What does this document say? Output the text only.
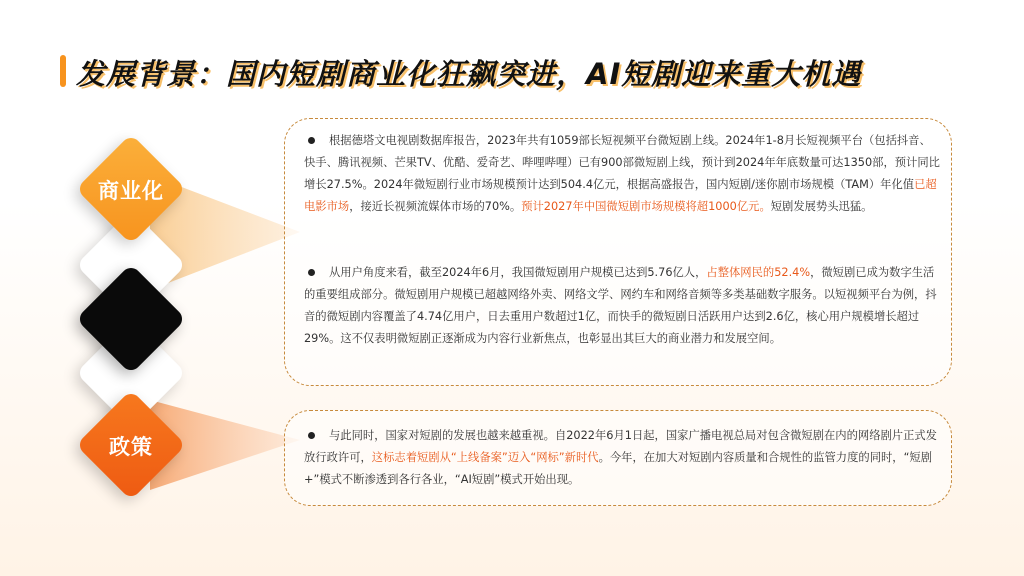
发展背景：国内短剧商业化狂飙突进，AI短剧迎来重大机遇
商业化
政策

根据德塔文电视剧数据库报告，2023年共有1059部长短视频平台微短剧上线。2024年1-8月长短视频平台（包括抖音、快手、腾讯视频、芒果TV、优酷、爱奇艺、哔哩哔哩）已有900部微短剧上线，预计到2024年年底数量可达1350部，预计同比增长27.5%。2024年微短剧行业市场规模预计达到504.4亿元，根据高盛报告，国内短剧/迷你剧市场规模（TAM）年化值已超电影市场，接近长视频流媒体市场的70%。预计2027年中国微短剧市场规模将超1000亿元。短剧发展势头迅猛。

从用户角度来看，截至2024年6月，我国微短剧用户规模已达到5.76亿人，占整体网民的52.4%，微短剧已成为数字生活的重要组成部分。微短剧用户规模已超越网络外卖、网络文学、网约车和网络音频等多类基础数字服务。以短视频平台为例，抖音的微短剧内容覆盖了4.74亿用户，日去重用户数超过1亿，而快手的微短剧日活跃用户达到2.6亿，核心用户规模增长超过29%。这不仅表明微短剧正逐渐成为内容行业新焦点，也彰显出其巨大的商业潜力和发展空间。

与此同时，国家对短剧的发展也越来越重视。自2022年6月1日起，国家广播电视总局对包含微短剧在内的网络剧片正式发放行政许可，这标志着短剧从“上线备案”迈入“网标”新时代。今年，在加大对短剧内容质量和合规性的监管力度的同时，“短剧+”模式不断渗透到各行各业，“AI短剧”模式开始出现。
